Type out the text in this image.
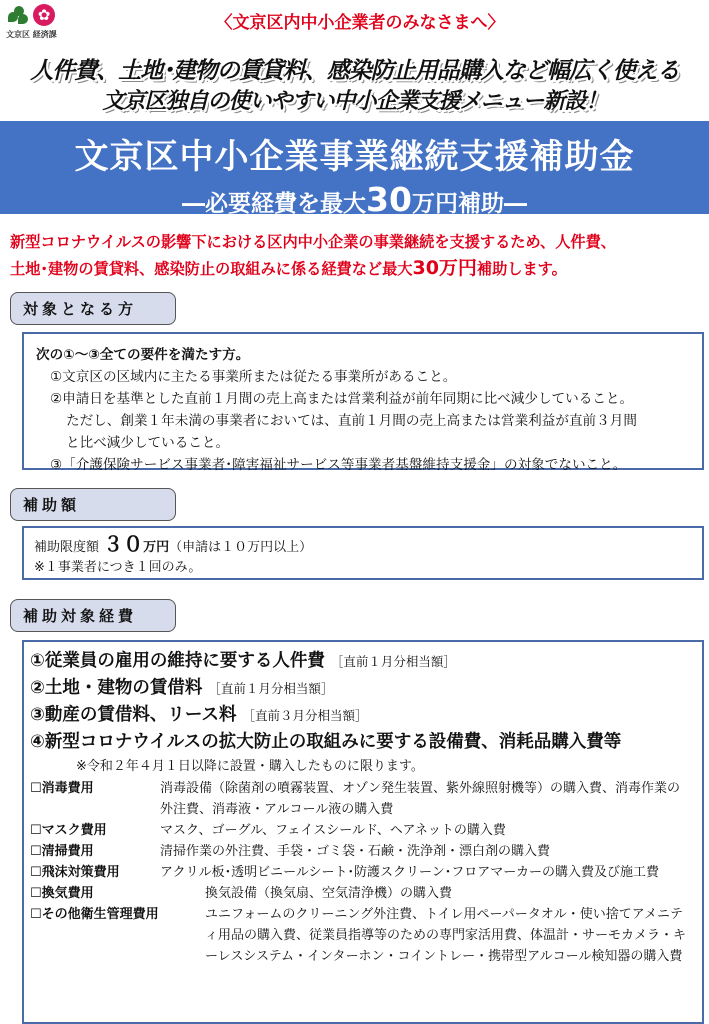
✿
文京区 経済課
〈文京区内中小企業者のみなさまへ〉
人件費、土地･建物の賃貸料、感染防止用品購入など幅広く使える
文京区独自の使いやすい中小企業支援メニュー新設！
文京区中小企業事業継続支援補助金
―必要経費を最大30万円補助―
新型コロナウイルスの影響下における区内中小企業の事業継続を支援するため、人件費、
土地･建物の賃貸料、感染防止の取組みに係る経費など最大30万円補助します。
対象となる方
次の①～③全ての要件を満たす方。
①文京区の区域内に主たる事業所または従たる事業所があること。
②申請日を基準とした直前１月間の売上高または営業利益が前年同期に比べ減少していること。
ただし、創業１年未満の事業者においては、直前１月間の売上高または営業利益が直前３月間
と比べ減少していること。
③「介護保険サービス事業者･障害福祉サービス等事業者基盤維持支援金」の対象でないこと。
補助額
補助限度額 ３０万円（申請は１０万円以上）
※１事業者につき１回のみ。
補助対象経費
①従業員の雇用の維持に要する人件費 ［直前１月分相当額］
②土地・建物の賃借料 ［直前１月分相当額］
③動産の賃借料、リース料 ［直前３月分相当額］
④新型コロナウイルスの拡大防止の取組みに要する設備費、消耗品購入費等
※令和２年４月１日以降に設置・購入したものに限ります。
☐消毒費用	消毒設備（除菌剤の噴霧装置、オゾン発生装置、紫外線照射機等）の購入費、消毒作業の外注費、消毒液・アルコール液の購入費
☐マスク費用	マスク、ゴーグル、フェイスシールド、ヘアネットの購入費
☐清掃費用	清掃作業の外注費、手袋・ゴミ袋・石鹸・洗浄剤・漂白剤の購入費
☐飛沫対策費用	アクリル板･透明ビニールシート･防護スクリーン･フロアマーカーの購入費及び施工費
☐換気費用	換気設備（換気扇、空気清浄機）の購入費
☐その他衛生管理費用	ユニフォームのクリーニング外注費、トイレ用ペーパータオル・使い捨てアメニティ用品の購入費、従業員指導等のための専門家活用費、体温計・サーモカメラ・キーレスシステム・インターホン・コイントレー・携帯型アルコール検知器の購入費
